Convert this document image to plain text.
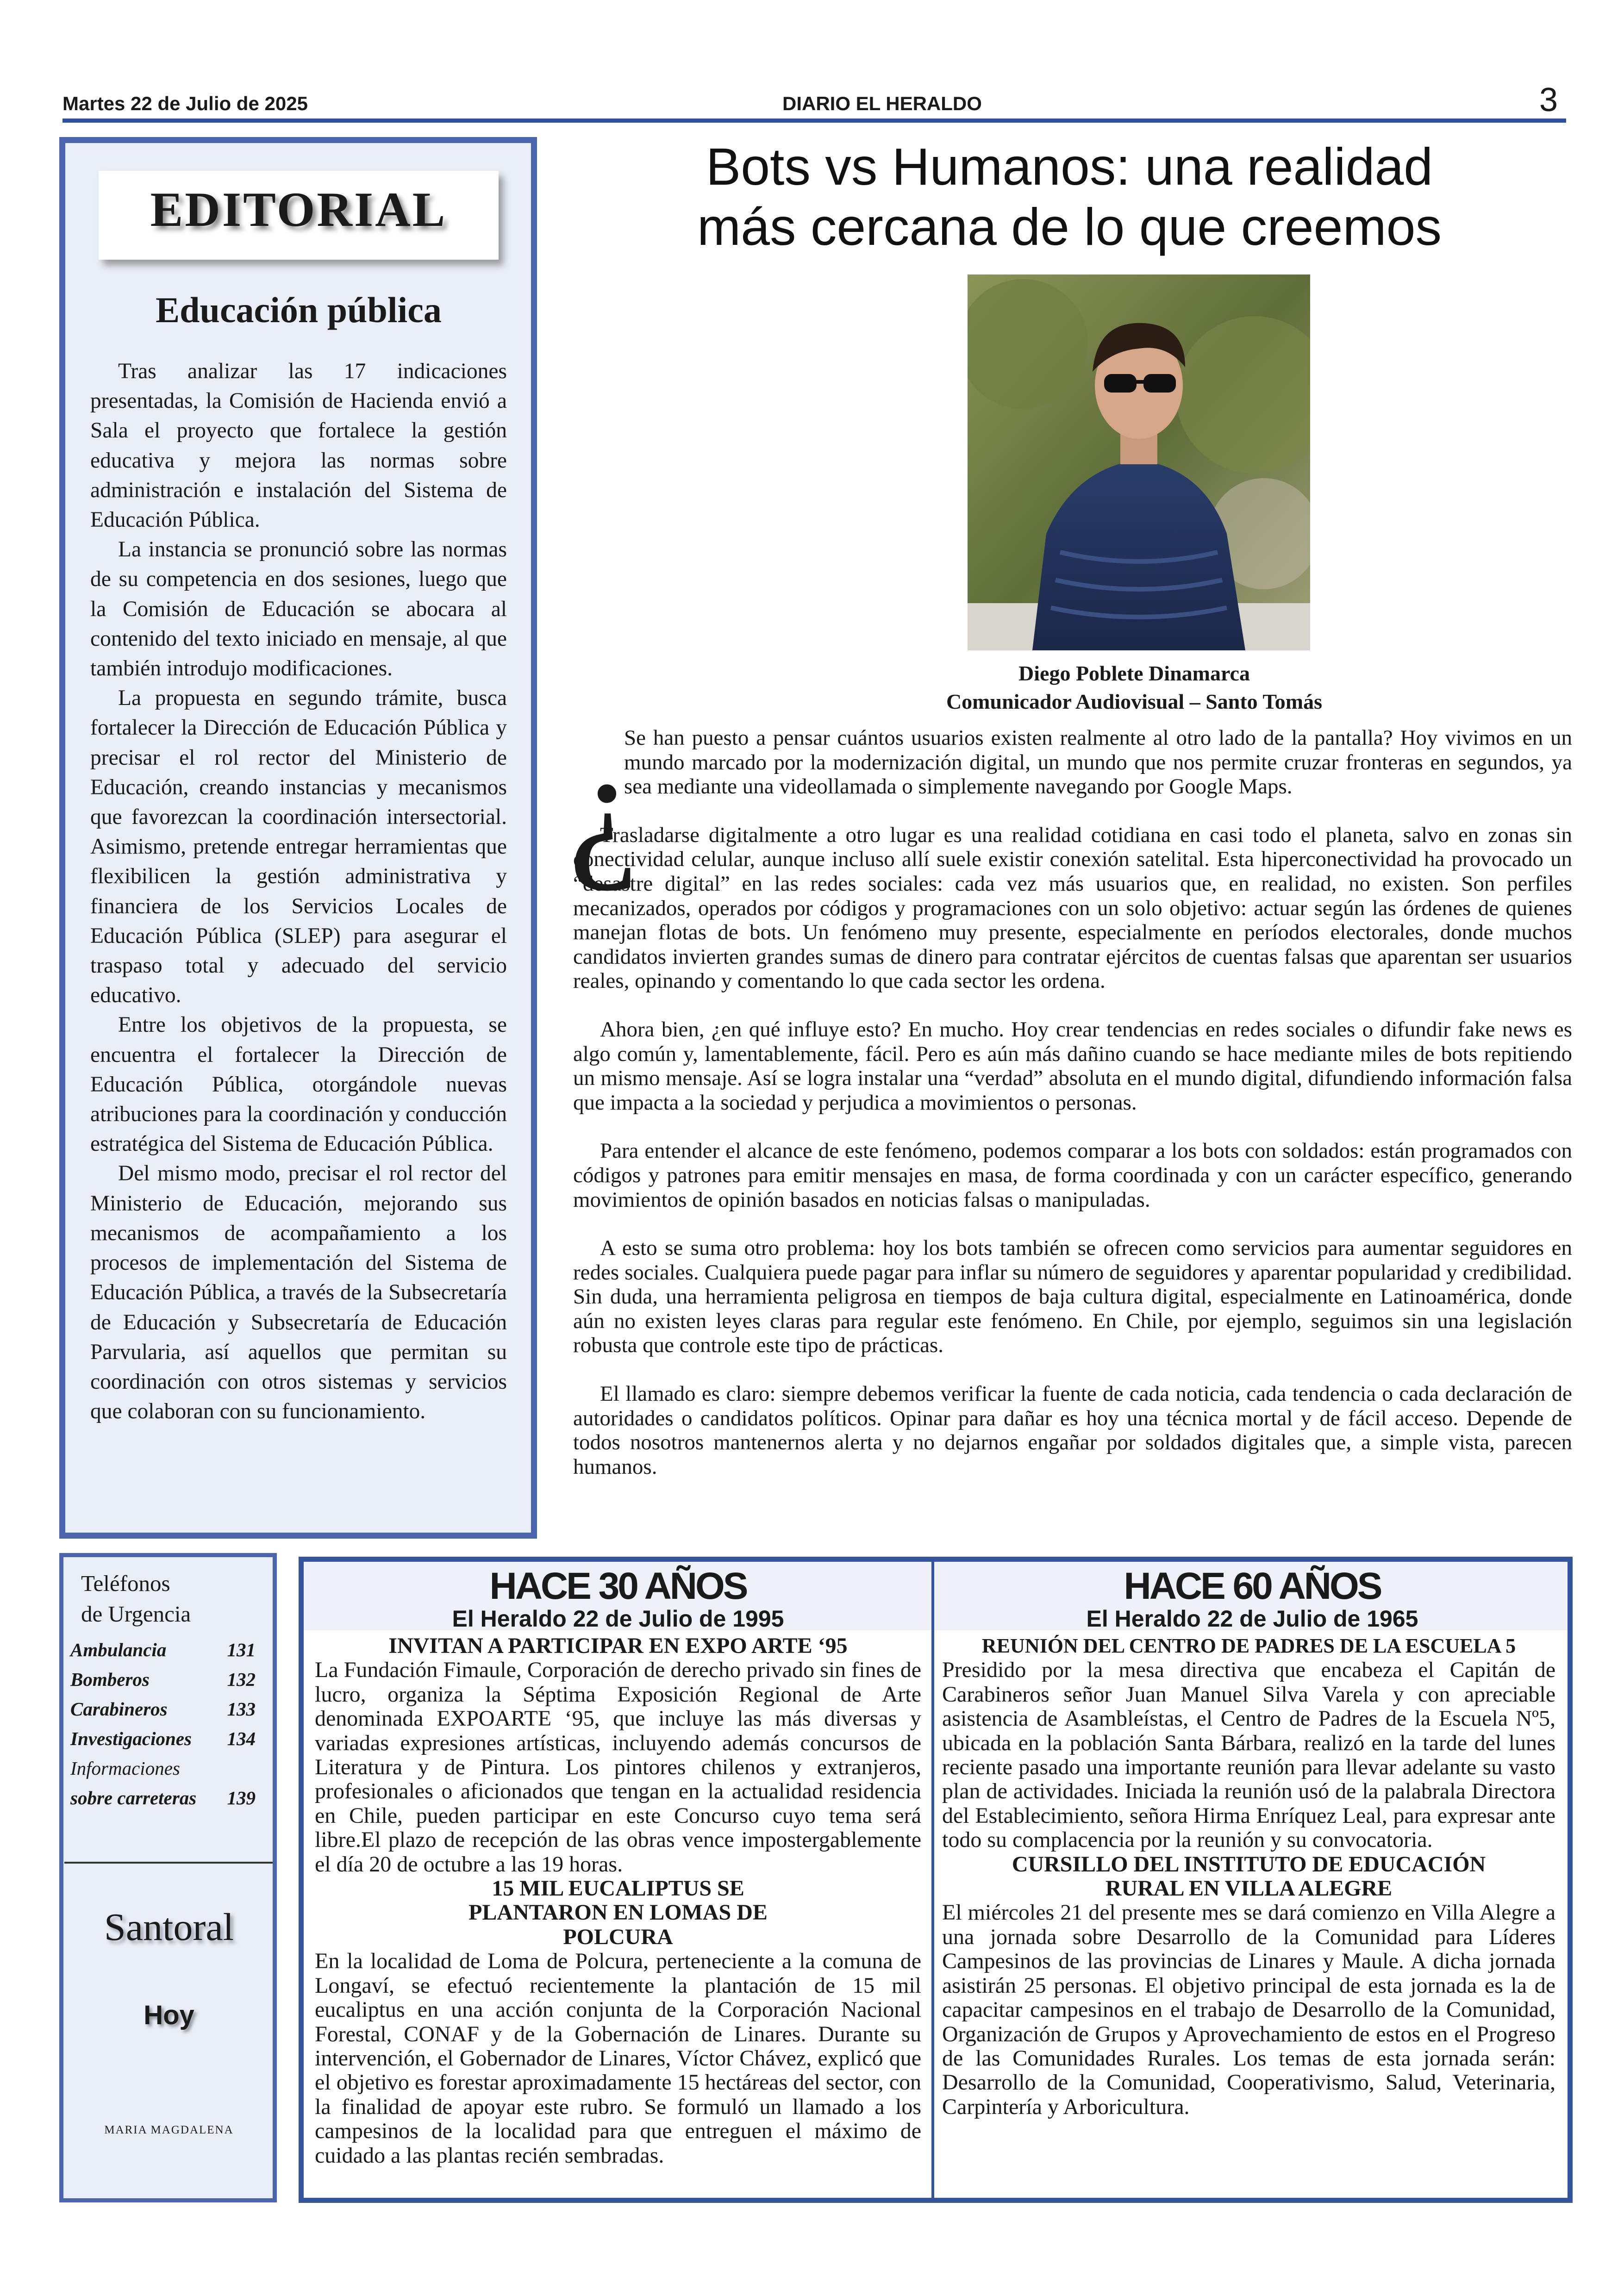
Martes 22 de Julio de 2025	DIARIO EL HERALDO	3
EDITORIAL
Educación pública

Tras analizar las 17 indicaciones presentadas, la Comisión de Hacienda envió a Sala el proyecto que fortalece la gestión educativa y mejora las normas sobre administración e instalación del Sistema de Educación Pública.

La instancia se pronunció sobre las normas de su competencia en dos sesiones, luego que la Comisión de Educación se abocara al contenido del texto iniciado en mensaje, al que también introdujo modificaciones.

La propuesta en segundo trámite, busca fortalecer la Dirección de Educación Pública y precisar el rol rector del Ministerio de Educación, creando instancias y mecanismos que favorezcan la coordinación intersectorial. Asimismo, pretende entregar herramientas que flexibilicen la gestión administrativa y financiera de los Servicios Locales de Educación Pública (SLEP) para asegurar el traspaso total y adecuado del servicio educativo.

Entre los objetivos de la propuesta, se encuentra el fortalecer la Dirección de Educación Pública, otorgándole nuevas atribuciones para la coordinación y conducción estratégica del Sistema de Educación Pública.

Del mismo modo, precisar el rol rector del Ministerio de Educación, mejorando sus mecanismos de acompañamiento a los procesos de implementación del Sistema de Educación Pública, a través de la Subsecretaría de Educación y Subsecretaría de Educación Parvularia, así aquellos que permitan su coordinación con otros sistemas y servicios que colaboran con su funcionamiento.

Bots vs Humanos: una realidad
más cercana de lo que creemos
Diego Poblete Dinamarca
Comunicador Audiovisual – Santo Tomás

Se han puesto a pensar cuántos usuarios existen realmente al otro lado de la pantalla? Hoy vivimos en un mundo marcado por la modernización digital, un mundo que nos permite cruzar fronteras en segundos, ya sea mediante una videollamada o simplemente navegando por Google Maps.

Trasladarse digitalmente a otro lugar es una realidad cotidiana en casi todo el planeta, salvo en zonas sin conectividad celular, aunque incluso allí suele existir conexión satelital. Esta hiperconectividad ha provocado un “desastre digital” en las redes sociales: cada vez más usuarios que, en realidad, no existen. Son perfiles mecanizados, operados por códigos y programaciones con un solo objetivo: actuar según las órdenes de quienes manejan flotas de bots. Un fenómeno muy presente, especialmente en períodos electorales, donde muchos candidatos invierten grandes sumas de dinero para contratar ejércitos de cuentas falsas que aparentan ser usuarios reales, opinando y comentando lo que cada sector les ordena.

Ahora bien, ¿en qué influye esto? En mucho. Hoy crear tendencias en redes sociales o difundir fake news es algo común y, lamentablemente, fácil. Pero es aún más dañino cuando se hace mediante miles de bots repitiendo un mismo mensaje. Así se logra instalar una “verdad” absoluta en el mundo digital, difundiendo información falsa que impacta a la sociedad y perjudica a movimientos o personas.

Para entender el alcance de este fenómeno, podemos comparar a los bots con soldados: están programados con códigos y patrones para emitir mensajes en masa, de forma coordinada y con un carácter específico, generando movimientos de opinión basados en noticias falsas o manipuladas.

A esto se suma otro problema: hoy los bots también se ofrecen como servicios para aumentar seguidores en redes sociales. Cualquiera puede pagar para inflar su número de seguidores y aparentar popularidad y credibilidad. Sin duda, una herramienta peligrosa en tiempos de baja cultura digital, especialmente en Latinoamérica, donde aún no existen leyes claras para regular este fenómeno. En Chile, por ejemplo, seguimos sin una legislación robusta que controle este tipo de prácticas.

El llamado es claro: siempre debemos verificar la fuente de cada noticia, cada tendencia o cada declaración de autoridades o candidatos políticos. Opinar para dañar es hoy una técnica mortal y de fácil acceso. Depende de todos nosotros mantenernos alerta y no dejarnos engañar por soldados digitales que, a simple vista, parecen humanos.

¿
Teléfonos
de Urgencia
Ambulancia	131
Bomberos	132
Carabineros	133
Investigaciones 134
Informaciones
sobre carreteras 139
Santoral
Hoy
MARIA MAGDALENA
HACE 30 AÑOS
El Heraldo 22 de Julio de 1995

INVITAN A PARTICIPAR EN EXPO ARTE ‘95

La Fundación Fimaule, Corporación de derecho privado sin fines de lucro, organiza la Séptima Exposición Regional de Arte denominada EXPOARTE ‘95, que incluye las más diversas y variadas expresiones artísticas, incluyendo además concursos de Literatura y de Pintura. Los pintores chilenos y extranjeros, profesionales o aficionados que tengan en la actualidad residencia en Chile, pueden participar en este Concurso cuyo tema será libre.El plazo de recepción de las obras vence impostergablemente el día 20 de octubre a las 19 horas.

15 MIL EUCALIPTUS SE PLANTARON EN LOMAS DE POLCURA

En la localidad de Loma de Polcura, perteneciente a la comuna de Longaví, se efectuó recientemente la plantación de 15 mil eucaliptus en una acción conjunta de la Corporación Nacional Forestal, CONAF y de la Gobernación de Linares. Durante su intervención, el Gobernador de Linares, Víctor Chávez, explicó que el objetivo es forestar aproximadamente 15 hectáreas del sector, con la finalidad de apoyar este rubro. Se formuló un llamado a los campesinos de la localidad para que entreguen el máximo de cuidado a las plantas recién sembradas.

HACE 60 AÑOS
El Heraldo 22 de Julio de 1965

REUNIÓN DEL CENTRO DE PADRES DE LA ESCUELA 5

Presidido por la mesa directiva que encabeza el Capitán de Carabineros señor Juan Manuel Silva Varela y con apreciable asistencia de Asambleístas, el Centro de Padres de la Escuela Nº5, ubicada en la población Santa Bárbara, realizó en la tarde del lunes reciente pasado una importante reunión para llevar adelante su vasto plan de actividades. Iniciada la reunión usó de la palabrala Directora del Establecimiento, señora Hirma Enríquez Leal, para expresar ante todo su complacencia por la reunión y su convocatoria.

CURSILLO DEL INSTITUTO DE EDUCACIÓN RURAL EN VILLA ALEGRE

El miércoles 21 del presente mes se dará comienzo en Villa Alegre a una jornada sobre Desarrollo de la Comunidad para Líderes Campesinos de las provincias de Linares y Maule. A dicha jornada asistirán 25 personas. El objetivo principal de esta jornada es la de capacitar campesinos en el trabajo de Desarrollo de la Comunidad, Organización de Grupos y Aprovechamiento de estos en el Progreso de las Comunidades Rurales. Los temas de esta jornada serán: Desarrollo de la Comunidad, Cooperativismo, Salud, Veterinaria, Carpintería y Arboricultura.
